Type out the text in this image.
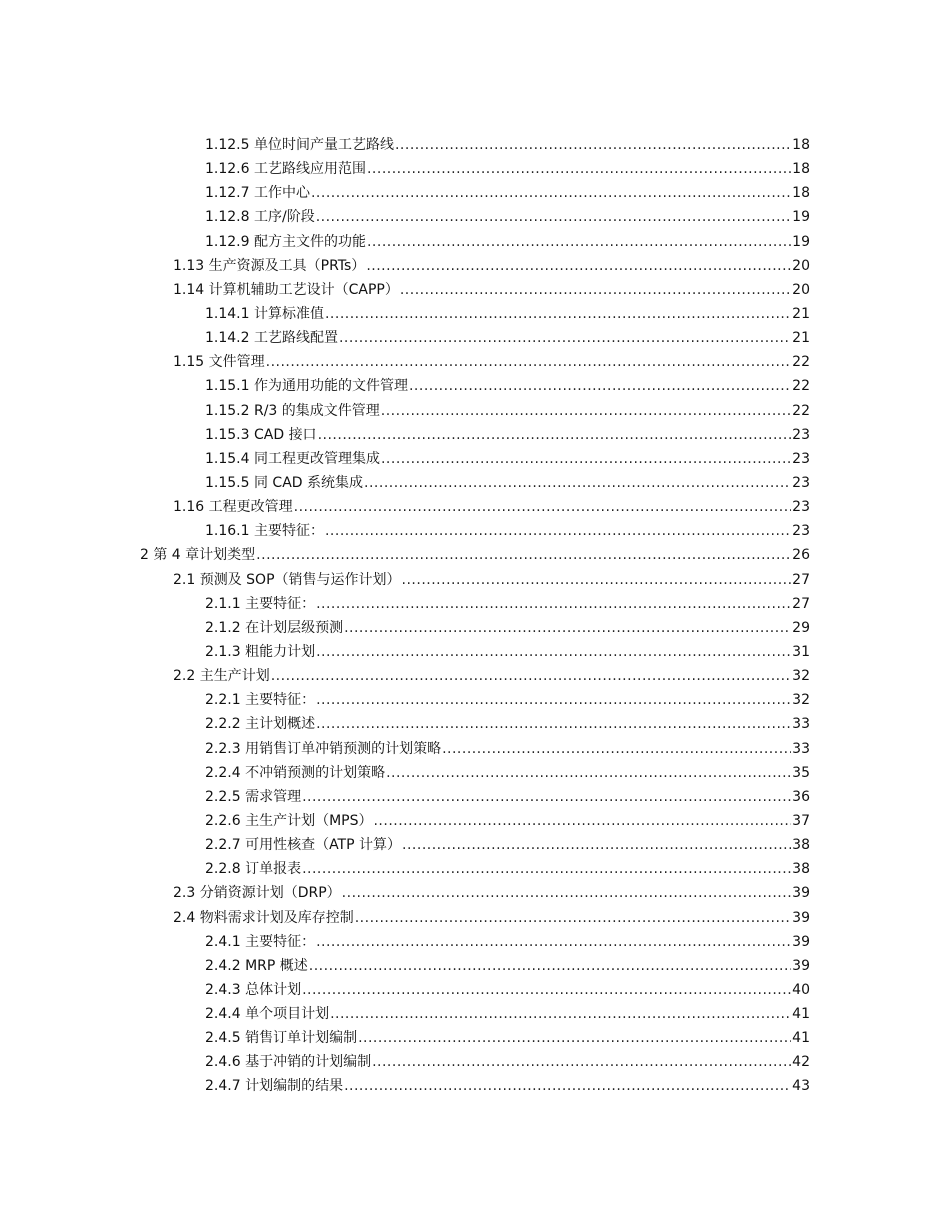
1.12.5 单位时间产量工艺路线 .....	18
1.12.6 工艺路线应用范围 .....	18
1.12.7 工作中心 .....	18
1.12.8 工序/阶段 .....	19
1.12.9 配方主文件的功能 .....	19
1.13 生产资源及工具（PRTs） .....	20
1.14 计算机辅助工艺设计（CAPP） .....	20
1.14.1 计算标准值 .....	21
1.14.2 工艺路线配置 .....	21
1.15 文件管理 .....	22
1.15.1 作为通用功能的文件管理 .....	22
1.15.2 R/3 的集成文件管理 .....	22
1.15.3 CAD 接口 .....	23
1.15.4 同工程更改管理集成 .....	23
1.15.5 同 CAD 系统集成 .....	23
1.16 工程更改管理 .....	23
1.16.1 主要特征： .....	23
2 第 4 章计划类型 .....	26
2.1 预测及 SOP（销售与运作计划） .....	27
2.1.1 主要特征： .....	27
2.1.2 在计划层级预测 .....	29
2.1.3 粗能力计划 .....	31
2.2 主生产计划 .....	32
2.2.1 主要特征： .....	32
2.2.2 主计划概述 .....	33
2.2.3 用销售订单冲销预测的计划策略 .....	33
2.2.4 不冲销预测的计划策略 .....	35
2.2.5 需求管理 .....	36
2.2.6 主生产计划（MPS） .....	37
2.2.7 可用性核查（ATP 计算） .....	38
2.2.8 订单报表 .....	38
2.3 分销资源计划（DRP） .....	39
2.4 物料需求计划及库存控制 .....	39
2.4.1 主要特征： .....	39
2.4.2 MRP 概述 .....	39
2.4.3 总体计划 .....	40
2.4.4 单个项目计划 .....	41
2.4.5 销售订单计划编制 .....	41
2.4.6 基于冲销的计划编制 .....	42
2.4.7 计划编制的结果 .....	43
